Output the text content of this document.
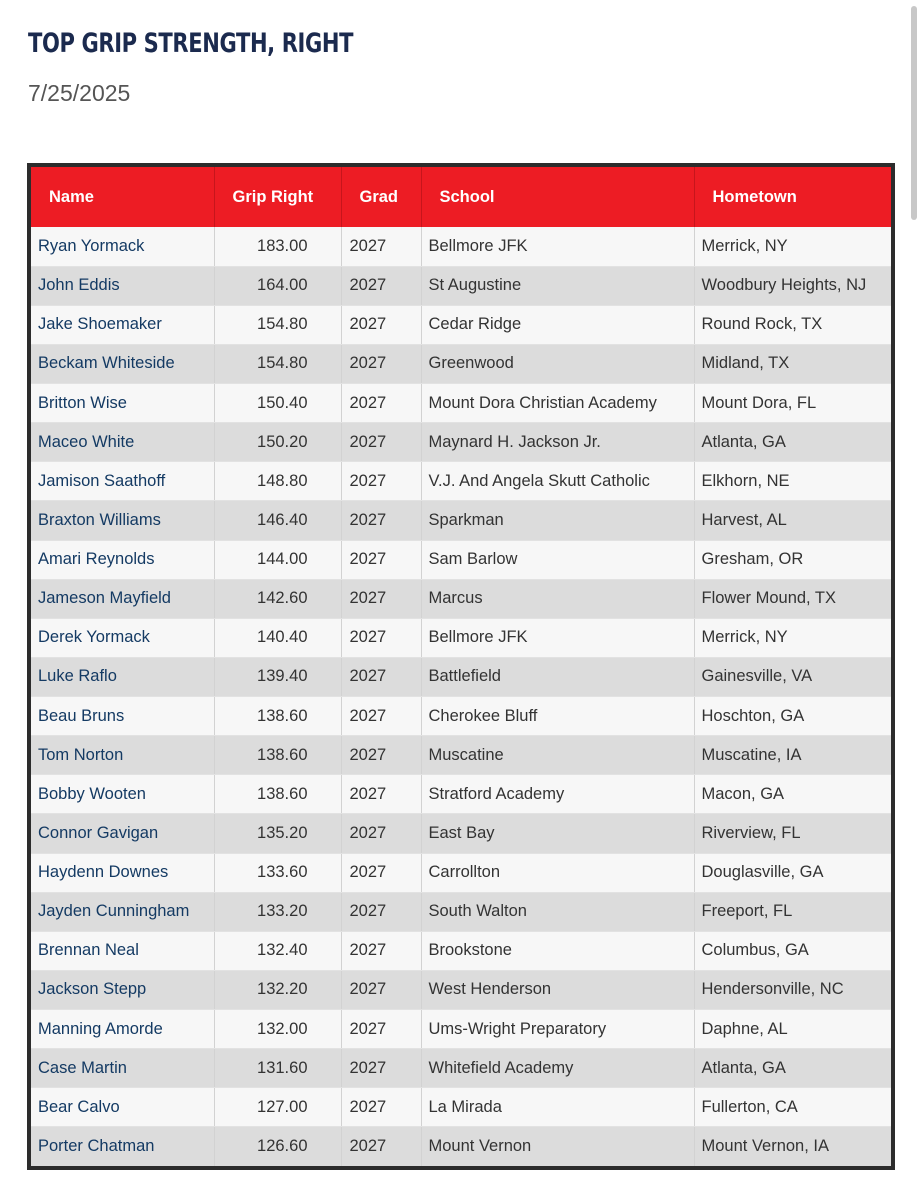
TOP GRIP STRENGTH, RIGHT
7/25/2025
Name	Grip Right	Grad	School	Hometown
Ryan Yormack	183.00	2027	Bellmore JFK	Merrick, NY
John Eddis	164.00	2027	St Augustine	Woodbury Heights, NJ
Jake Shoemaker	154.80	2027	Cedar Ridge	Round Rock, TX
Beckam Whiteside	154.80	2027	Greenwood	Midland, TX
Britton Wise	150.40	2027	Mount Dora Christian Academy	Mount Dora, FL
Maceo White	150.20	2027	Maynard H. Jackson Jr.	Atlanta, GA
Jamison Saathoff	148.80	2027	V.J. And Angela Skutt Catholic	Elkhorn, NE
Braxton Williams	146.40	2027	Sparkman	Harvest, AL
Amari Reynolds	144.00	2027	Sam Barlow	Gresham, OR
Jameson Mayfield	142.60	2027	Marcus	Flower Mound, TX
Derek Yormack	140.40	2027	Bellmore JFK	Merrick, NY
Luke Raflo	139.40	2027	Battlefield	Gainesville, VA
Beau Bruns	138.60	2027	Cherokee Bluff	Hoschton, GA
Tom Norton	138.60	2027	Muscatine	Muscatine, IA
Bobby Wooten	138.60	2027	Stratford Academy	Macon, GA
Connor Gavigan	135.20	2027	East Bay	Riverview, FL
Haydenn Downes	133.60	2027	Carrollton	Douglasville, GA
Jayden Cunningham	133.20	2027	South Walton	Freeport, FL
Brennan Neal	132.40	2027	Brookstone	Columbus, GA
Jackson Stepp	132.20	2027	West Henderson	Hendersonville, NC
Manning Amorde	132.00	2027	Ums-Wright Preparatory	Daphne, AL
Case Martin	131.60	2027	Whitefield Academy	Atlanta, GA
Bear Calvo	127.00	2027	La Mirada	Fullerton, CA
Porter Chatman	126.60	2027	Mount Vernon	Mount Vernon, IA
